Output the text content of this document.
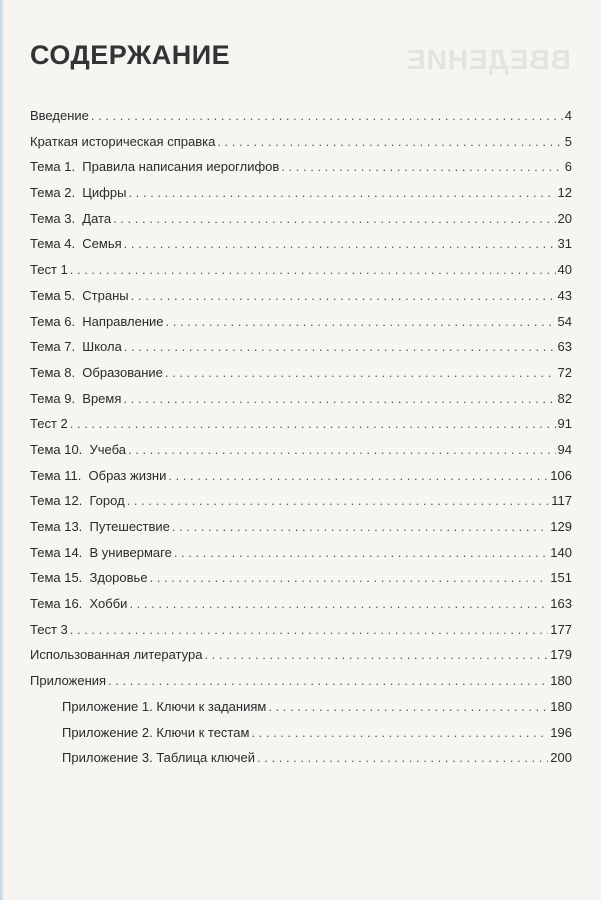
ВВЕДЕНИЕ
СОДЕРЖАНИЕ
Введение . . .	4
Краткая историческая справка . . .	5
Тема 1.  Правила написания иероглифов . . .	6
Тема 2.  Цифры . . .	12
Тема 3.  Дата . . .	20
Тема 4.  Семья . . .	31
Тест 1 . . .	40
Тема 5.  Страны . . .	43
Тема 6.  Направление . . .	54
Тема 7.  Школа . . .	63
Тема 8.  Образование . . .	72
Тема 9.  Время . . .	82
Тест 2 . . .	91
Тема 10.  Учеба . . .	94
Тема 11.  Образ жизни . . .	106
Тема 12.  Город . . .	117
Тема 13.  Путешествие . . .	129
Тема 14.  В универмаге . . .	140
Тема 15.  Здоровье . . .	151
Тема 16.  Хобби . . .	163
Тест 3 . . .	177
Использованная литература . . .	179
Приложения . . .	180
Приложение 1. Ключи к заданиям . . .	180
Приложение 2. Ключи к тестам . . .	196
Приложение 3. Таблица ключей . . .	200
